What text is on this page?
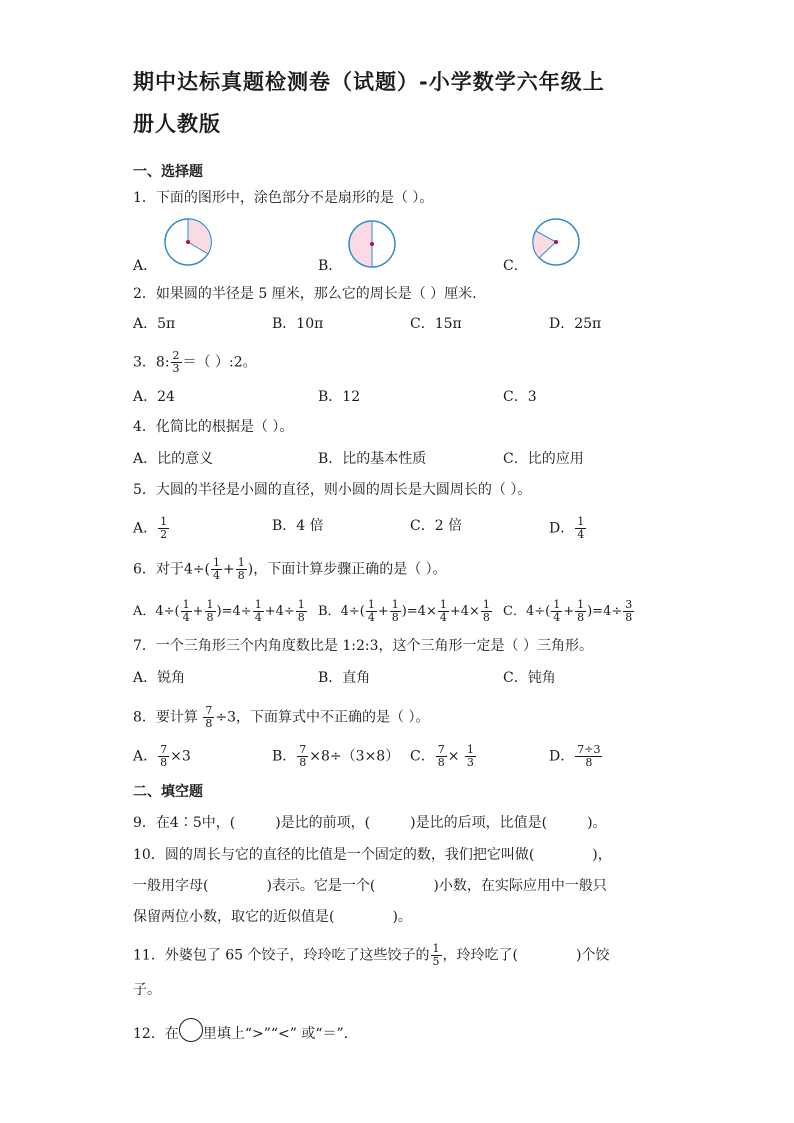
期中达标真题检测卷（试题）-小学数学六年级上
册人教版
一、选择题
1．下面的图形中，涂色部分不是扇形的是（ ）。
A．	B．	C．
2．如果圆的半径是 5 厘米，那么它的周长是（ ）厘米.
A．5π	B．10π	C．15π	D．25π
3．8: $\frac{2}{3}$ ＝（ ）:2。
A．24	B．12	C．3
4．化简比的根据是（ ）。
A．比的意义	B．比的基本性质	C．比的应用
5．大圆的半径是小圆的直径，则小圆的周长是大圆周长的（ ）。
A． $\frac{1}{2}$	B．4 倍	C．2 倍	D． $\frac{1}{4}$
6．对于$4\div( \frac{1}{4} + \frac{1}{8}$ )，下面计算步骤正确的是（ ）。
A．$4\div( \frac{1}{4} + \frac{1}{8} )=4\div \frac{1}{4} +4\div \frac{1}{8}$ B．$4\div( \frac{1}{4} + \frac{1}{8} )=4\times \frac{1}{4} +4\times \frac{1}{8}$ C．$4\div( \frac{1}{4} + \frac{1}{8} )=4\div \frac{3}{8}$
7．一个三角形三个内角度数比是 1:2:3，这个三角形一定是（ ）三角形。
A．锐角	B．直角	C．钝角
8．要计算 $\frac{7}{8} \div 3$，下面算式中不正确的是（ ）。
A． $\frac{7}{8} \times 3$	B． $\frac{7}{8} \times 8\div(3\times 8)$ C． $\frac{7}{8} \times \frac{1}{3}$	D． $\frac{7\div 3}{8}$
二、填空题
9．在4∶5中，(	)是比的前项，(	)是比的后项，比值是(	)。
10．圆的周长与它的直径的比值是一个固定的数，我们把它叫做(	)，
一般用字母(	)表示。它是一个(	)小数，在实际应用中一般只
保留两位小数，取它的近似值是(	)。
11．外婆包了 65 个饺子，玲玲吃了这些饺子的 $\frac{1}{5}$ ，玲玲吃了(	)个饺
子。
12．在 里填上“>”“<” 或“＝”.
